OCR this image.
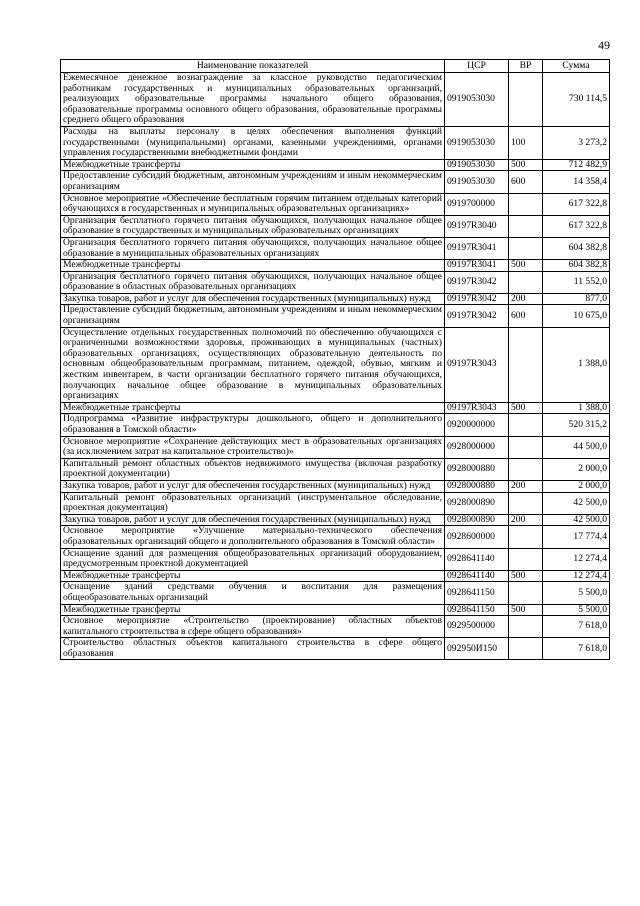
49
Наименование показателей	ЦСР	ВР	Сумма
Ежемесячное денежное вознаграждение за классное руководство педагогическим работникам государственных и муниципальных образовательных организаций, реализующих образовательные программы начального общего образования, образовательные программы основного общего образования, образовательные программы среднего общего образования	0919053030		730 114,5
Расходы на выплаты персоналу в целях обеспечения выполнения функций государственными (муниципальными) органами, казенными учреждениями, органами управления государственными внебюджетными фондами	0919053030	100	3 273,2
Межбюджетные трансферты	0919053030	500	712 482,9
Предоставление субсидий бюджетным, автономным учреждениям и иным некоммерческим организациям	0919053030	600	14 358,4
Основное мероприятие «Обеспечение бесплатным горячим питанием отдельных категорий обучающихся в государственных и муниципальных образовательных организациях»	0919700000		617 322,8
Организация бесплатного горячего питания обучающихся, получающих начальное общее образование в государственных и муниципальных образовательных организациях	09197R3040		617 322,8
Организация бесплатного горячего питания обучающихся, получающих начальное общее образование в муниципальных образовательных организациях	09197R3041		604 382,8
Межбюджетные трансферты	09197R3041	500	604 382,8
Организация бесплатного горячего питания обучающихся, получающих начальное общее образование в областных образовательных организациях	09197R3042		11 552,0
Закупка товаров, работ и услуг для обеспечения государственных (муниципальных) нужд	09197R3042	200	877,0
Предоставление субсидий бюджетным, автономным учреждениям и иным некоммерческим организациям	09197R3042	600	10 675,0
Осуществление отдельных государственных полномочий по обеспечению обучающихся с ограниченными возможностями здоровья, проживающих в муниципальных (частных) образовательных организациях, осуществляющих образовательную деятельность по основным общеобразовательным программам, питанием, одеждой, обувью, мягким и жестким инвентарем, в части организации бесплатного горячего питания обучающихся, получающих начальное общее образование в муниципальных образовательных организациях	09197R3043		1 388,0
Межбюджетные трансферты	09197R3043	500	1 388,0
Подпрограмма «Развитие инфраструктуры дошкольного, общего и дополнительного образования в Томской области»	0920000000		520 315,2
Основное мероприятие «Сохранение действующих мест в образовательных организациях (за исключением затрат на капитальное строительство)»	0928000000		44 500,0
Капитальный ремонт областных объектов недвижимого имущества (включая разработку проектной документации)	0928000880		2 000,0
Закупка товаров, работ и услуг для обеспечения государственных (муниципальных) нужд	0928000880	200	2 000,0
Капитальный ремонт образовательных организаций (инструментальное обследование, проектная документация)	0928000890		42 500,0
Закупка товаров, работ и услуг для обеспечения государственных (муниципальных) нужд	0928000890	200	42 500,0
Основное мероприятие «Улучшение материально-технического обеспечения образовательных организаций общего и дополнительного образования в Томской области»	0928600000		17 774,4
Оснащение зданий для размещения общеобразовательных организаций оборудованием, предусмотренным проектной документацией	0928641140		12 274,4
Межбюджетные трансферты	0928641140	500	12 274,4
Оснащение зданий средствами обучения и воспитания для размещения общеобразовательных организаций	0928641150		5 500,0
Межбюджетные трансферты	0928641150	500	5 500,0
Основное мероприятие «Строительство (проектирование) областных объектов капитального строительства в сфере общего образования»	0929500000		7 618,0
Строительство областных объектов капитального строительства в сфере общего образования	092950И150		7 618,0
